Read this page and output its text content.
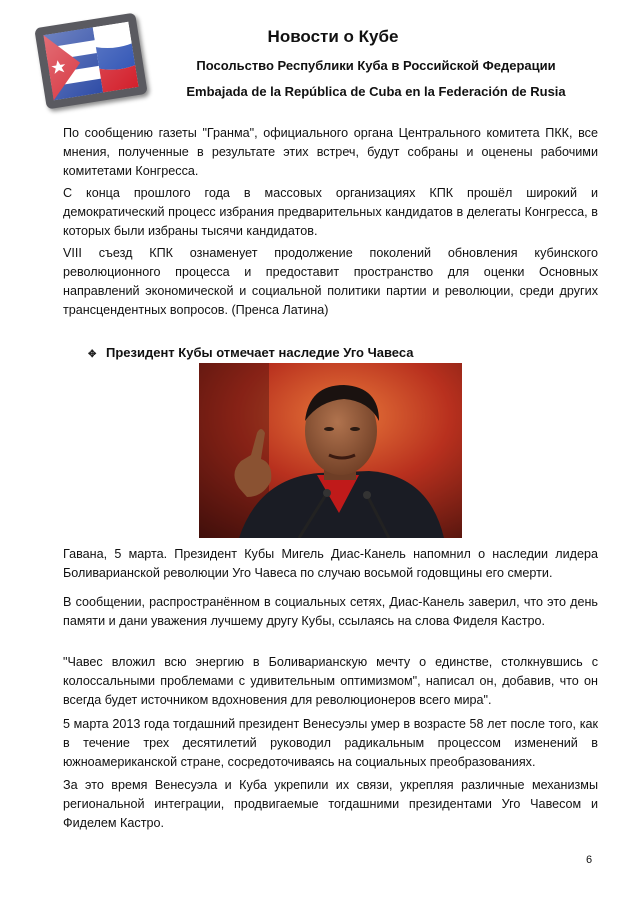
Новости о Кубе
Посольство Республики Куба в Российской Федерации
Embajada de la República de Cuba en la Federación de Rusia

По сообщению газеты "Гранма", официального органа Центрального комитета ПКК, все мнения, полученные в результате этих встреч, будут собраны и оценены рабочими комитетами Конгресса.

С конца прошлого года в массовых организациях КПК прошёл широкий и демократический процесс избрания предварительных кандидатов в делегаты Конгресса, в которых были избраны тысячи кандидатов.

VIII съезд КПК ознаменует продолжение поколений обновления кубинского революционного процесса и предоставит пространство для оценки Основных направлений экономической и социальной политики партии и революции, среди других трансцендентных вопросов. (Пренса Латина)

✥ Президент Кубы отмечает наследие Уго Чавеса

Гавана, 5 марта. Президент Кубы Мигель Диас-Канель напомнил о наследии лидера Боливарианской революции Уго Чавеса по случаю восьмой годовщины его смерти.

В сообщении, распространённом в социальных сетях, Диас-Канель заверил, что это день памяти и дани уважения лучшему другу Кубы, ссылаясь на слова Фиделя Кастро.

"Чавес вложил всю энергию в Боливарианскую мечту о единстве, столкнувшись с колоссальными проблемами с удивительным оптимизмом", написал он, добавив, что он всегда будет источником вдохновения для революционеров всего мира".

5 марта 2013 года тогдашний президент Венесуэлы умер в возрасте 58 лет после того, как в течение трех десятилетий руководил радикальным процессом изменений в южноамериканской стране, сосредоточиваясь на социальных преобразованиях.

За это время Венесуэла и Куба укрепили их связи, укрепляя различные механизмы региональной интеграции, продвигаемые тогдашними президентами Уго Чавесом и Фиделем Кастро.

6
